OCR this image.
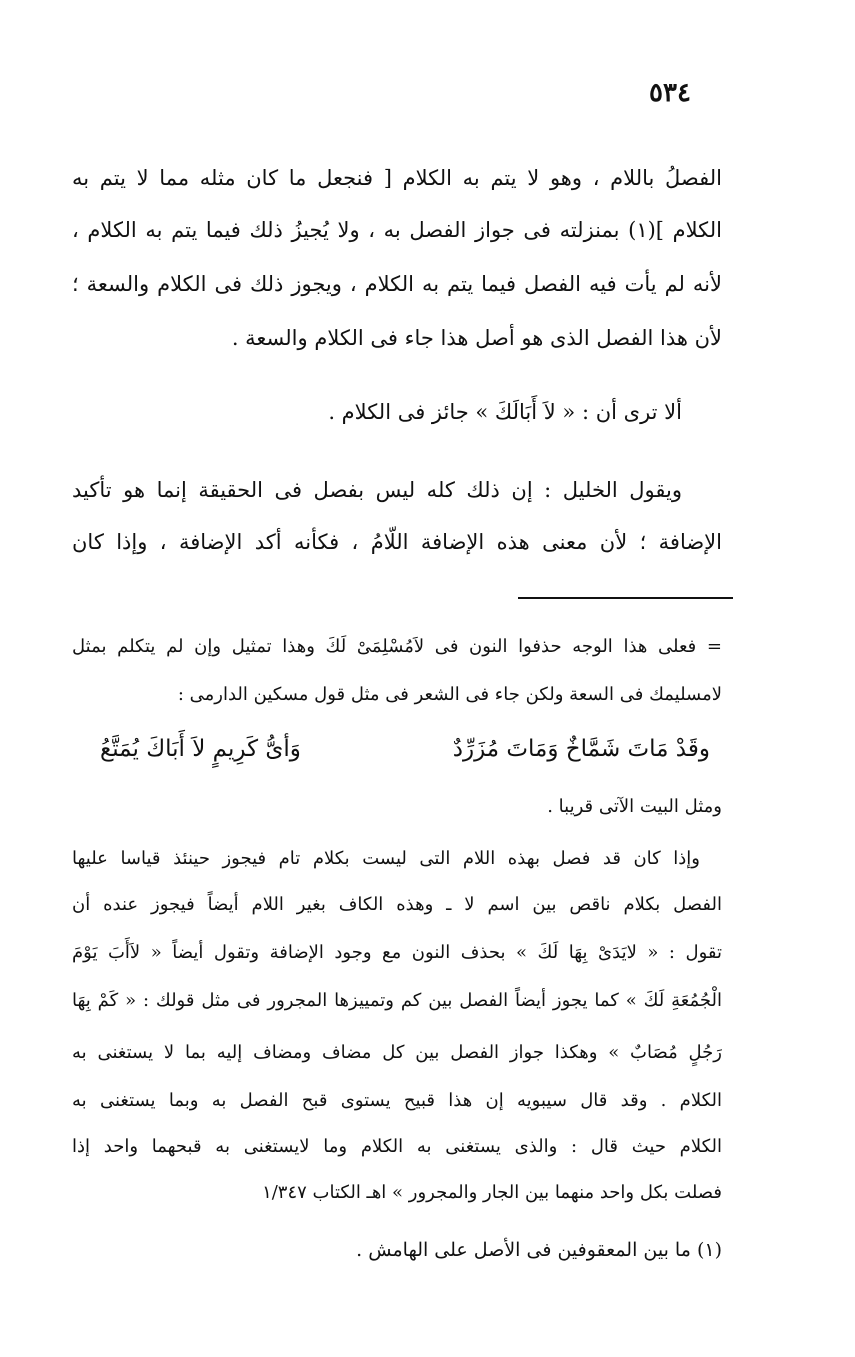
٥٣٤
الفصلُ باللام ، وهو لا يتم به الكلام [ فنجعل ما كان مثله مما لا يتم به
الكلام ](١) بمنزلته فى جواز الفصل به ، ولا يُجيزُ ذلك فيما يتم به الكلام ،
لأنه لم يأت فيه الفصل فيما يتم به الكلام ، ويجوز ذلك فى الكلام والسعة ؛
لأن هذا الفصل الذى هو أصل هذا جاء فى الكلام والسعة .
ألا ترى أن : « لاَ أَبَالَكَ » جائز فى الكلام .
ويقول الخليل : إن ذلك كله ليس بفصل فى الحقيقة إنما هو تأكيد
الإضافة ؛ لأن معنى هذه الإضافة اللّامُ ، فكأنه أكد الإضافة ، وإذا كان
= فعلى هذا الوجه حذفوا النون فى لاَمُسْلِمَىْ لَكَ وهذا تمثيل وإن لم يتكلم بمثل
لامسليمك فى السعة ولكن جاء فى الشعر فى مثل قول مسكين الدارمى :
وقَدْ مَاتَ شَمَّاخٌ وَمَاتَ مُزَرِّدٌ
وَأىُّ كَرِيمٍ لاَ أَبَاكَ يُمَتَّعُ
ومثل البيت الآتى قريبا .
وإذا كان قد فصل بهذه اللام التى ليست بكلام تام فيجوز حينئذ قياسا عليها
الفصل بكلام ناقص بين اسم لا ـ وهذه الكاف بغير اللام أيضاً فيجوز عنده أن
تقول : « لايَدَىْ بِهَا لَكَ » بحذف النون مع وجود الإضافة وتقول أيضاً « لاَأَبَ يَوْمَ
الْجُمُعَةِ لَكَ » كما يجوز أيضاً الفصل بين كم وتمييزها المجرور فى مثل قولك : « كَمْ بِهَا
رَجُلٍ مُصَابٌ » وهكذا جواز الفصل بين كل مضاف ومضاف إليه بما لا يستغنى به
الكلام . وقد قال سيبويه إن هذا قبيح يستوى قبح الفصل به وبما يستغنى به
الكلام حيث قال : والذى يستغنى به الكلام وما لايستغنى به قبحهما واحد إذا
فصلت بكل واحد منهما بين الجار والمجرور » اهـ الكتاب ١/٣٤٧
(١) ما بين المعقوفين فى الأصل على الهامش .
